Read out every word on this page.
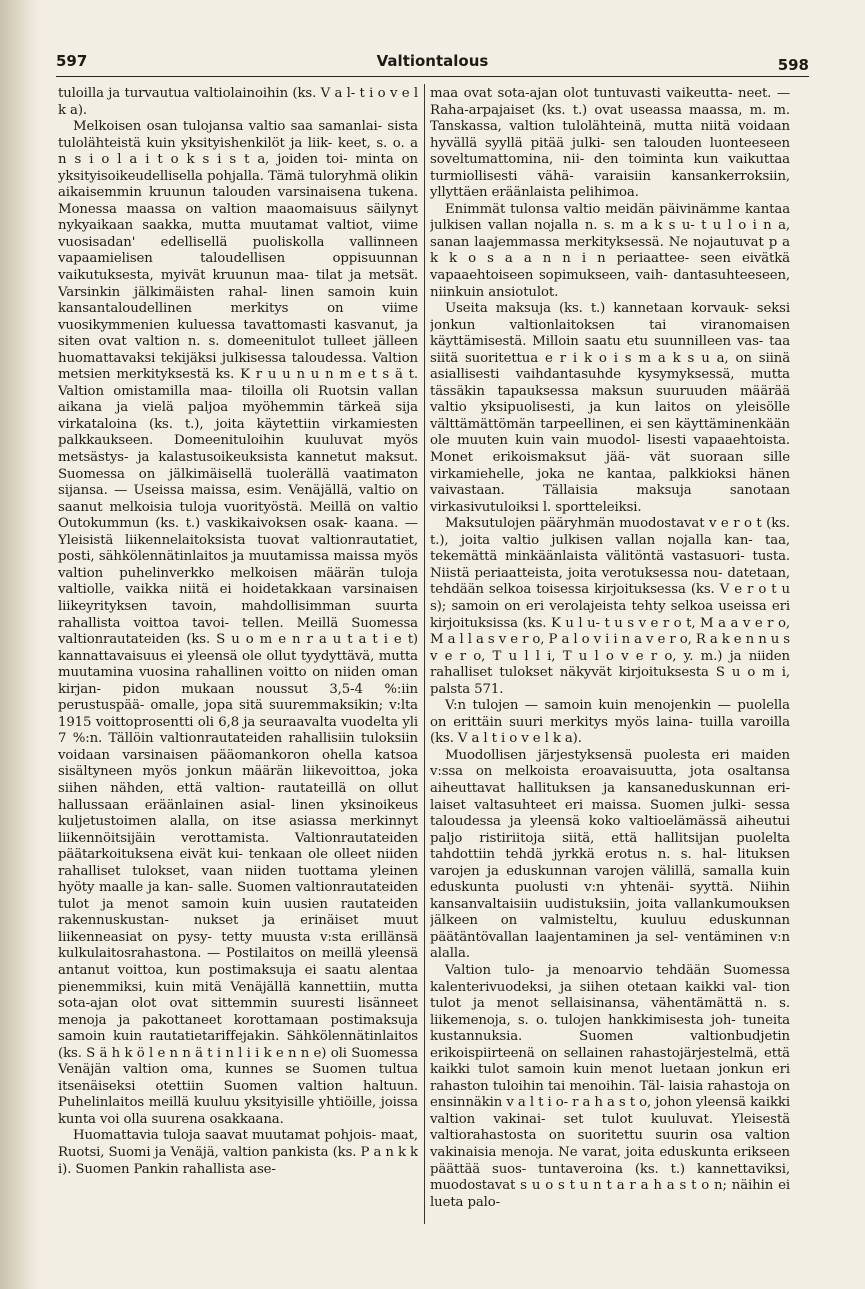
597	Valtiontalous	598

tuloilla ja turvautua valtiolainoihin (ks. V a l- t i o v e l k a).

Melkoisen osan tulojansa valtio saa samanlai- sista tulolähteistä kuin yksityishenkilöt ja liik- keet, s. o. a n s i o l a i t o k s i s t a, joiden toi- minta on yksityisoikeudellisella pohjalla. Tämä tuloryhmä olikin aikaisemmin kruunun talouden varsinaisena tukena. Monessa maassa on valtion maaomaisuus säilynyt nykyaikaan saakka, mutta muutamat valtiot, viime vuosisadan' edellisellä puoliskolla vallinneen vapaamielisen taloudellisen oppisuunnan vaikutuksesta, myivät kruunun maa- tilat ja metsät. Varsinkin jälkimäisten rahal- linen samoin kuin kansantaloudellinen merkitys on viime vuosikymmenien kuluessa tavattomasti kasvanut, ja siten ovat valtion n. s. domeenitulot tulleet jälleen huomattavaksi tekijäksi julkisessa taloudessa. Valtion metsien merkityksestä ks. K r u u n u n m e t s ä t. Valtion omistamilla maa- tiloilla oli Ruotsin vallan aikana ja vielä paljoa myöhemmin tärkeä sija virkataloina (ks. t.), joita käytettiin virkamiesten palkkaukseen. Domeenituloihin kuuluvat myös metsästys- ja kalastusoikeuksista kannetut maksut. Suomessa on jälkimäisellä tuolerällä vaatimaton sijansa. — Useissa maissa, esim. Venäjällä, valtio on saanut melkoisia tuloja vuorityöstä. Meillä on valtio Outokummun (ks. t.) vaskikaivoksen osak- kaana. — Yleisistä liikennelaitoksista tuovat valtionrautatiet, posti, sähkölennätinlaitos ja muutamissa maissa myös valtion puhelinverkko melkoisen määrän tuloja valtiolle, vaikka niitä ei hoidetakkaan varsinaisen liikeyrityksen tavoin, mahdollisimman suurta rahallista voittoa tavoi- tellen. Meillä Suomessa valtionrautateiden (ks. S u o m e n r a u t a t i e t) kannattavaisuus ei yleensä ole ollut tyydyttävä, mutta muutamina vuosina rahallinen voitto on niiden oman kirjan- pidon mukaan noussut 3,5-4 %:iin perustuspää- omalle, jopa sitä suuremmaksikin; v:lta 1915 voittoprosentti oli 6,8 ja seuraavalta vuodelta yli 7 %:n. Tällöin valtionrautateiden rahallisiin tuloksiin voidaan varsinaisen pääomankoron ohella katsoa sisältyneen myös jonkun määrän liikevoittoa, joka siihen nähden, että valtion- rautateillä on ollut hallussaan eräänlainen asial- linen yksinoikeus kuljetustoimen alalla, on itse asiassa merkinnyt liikennöitsijäin verottamista. Valtionrautateiden päätarkoituksena eivät kui- tenkaan ole olleet niiden rahalliset tulokset, vaan niiden tuottama yleinen hyöty maalle ja kan- salle. Suomen valtionrautateiden tulot ja menot samoin kuin uusien rautateiden rakennuskustan- nukset ja erinäiset muut liikenneasiat on pysy- tetty muusta v:sta erillänsä kulkulaitosrahastona. — Postilaitos on meillä yleensä antanut voittoa, kun postimaksuja ei saatu alentaa pienemmiksi, kuin mitä Venäjällä kannettiin, mutta sota-ajan olot ovat sittemmin suuresti lisänneet menoja ja pakottaneet korottamaan postimaksuja samoin kuin rautatietariffejakin. Sähkölennätinlaitos (ks. S ä h k ö l e n n ä t i n l i i k e n n e) oli Suomessa Venäjän valtion oma, kunnes se Suomen tultua itsenäiseksi otettiin Suomen valtion haltuun. Puhelinlaitos meillä kuuluu yksityisille yhtiöille, joissa kunta voi olla suurena osakkaana.

Huomattavia tuloja saavat muutamat pohjois- maat, Ruotsi, Suomi ja Venäjä, valtion pankista (ks. P a n k k i). Suomen Pankin rahallista ase-

maa ovat sota-ajan olot tuntuvasti vaikeutta- neet. — Raha-arpajaiset (ks. t.) ovat useassa maassa, m. m. Tanskassa, valtion tulolähteinä, mutta niitä voidaan hyvällä syyllä pitää julki- sen talouden luonteeseen soveltumattomina, nii- den toiminta kun vaikuttaa turmiollisesti vähä- varaisiin kansankerroksiin, yllyttäen eräänlaista pelihimoa.

Enimmät tulonsa valtio meidän päivinämme kantaa julkisen vallan nojalla n. s. m a k s u- t u l o i n a, sanan laajemmassa merkityksessä. Ne nojautuvat p a k k o s a a n n i n periaattee- seen eivätkä vapaaehtoiseen sopimukseen, vaih- dantasuhteeseen, niinkuin ansiotulot.

Useita maksuja (ks. t.) kannetaan korvauk- seksi jonkun valtionlaitoksen tai viranomaisen käyttämisestä. Milloin saatu etu suunnilleen vas- taa siitä suoritettua e r i k o i s m a k s u a, on siinä asiallisesti vaihdantasuhde kysymyksessä, mutta tässäkin tapauksessa maksun suuruuden määrää valtio yksipuolisesti, ja kun laitos on yleisölle välttämättömän tarpeellinen, ei sen käyttäminenkään ole muuten kuin vain muodol- lisesti vapaaehtoista. Monet erikoismaksut jää- vät suoraan sille virkamiehelle, joka ne kantaa, palkkioksi hänen vaivastaan. Tällaisia maksuja sanotaan virkasivutuloiksi l. sportteleiksi.

Maksutulojen pääryhmän muodostavat v e r o t (ks. t.), joita valtio julkisen vallan nojalla kan- taa, tekemättä minkäänlaista välitöntä vastasuori- tusta. Niistä periaatteista, joita verotuksessa nou- datetaan, tehdään selkoa toisessa kirjoituksessa (ks. V e r o t u s); samoin on eri verolajeista tehty selkoa useissa eri kirjoituksissa (ks. K u l u- t u s v e r o t, M a a v e r o, M a l l a s v e r o, P a l o v i i n a v e r o, R a k e n n u s v e r o, T u l l i, T u l o v e r o, y. m.) ja niiden rahalliset tulokset näkyvät kirjoituksesta S u o m i, palsta 571.

V:n tulojen — samoin kuin menojenkin — puolella on erittäin suuri merkitys myös laina- tuilla varoilla (ks. V a l t i o v e l k a).

Muodollisen järjestyksensä puolesta eri maiden v:ssa on melkoista eroavaisuutta, jota osaltansa aiheuttavat hallituksen ja kansaneduskunnan eri- laiset valtasuhteet eri maissa. Suomen julki- sessa taloudessa ja yleensä koko valtioelämässä aiheutui paljo ristiriitoja siitä, että hallitsijan puolelta tahdottiin tehdä jyrkkä erotus n. s. hal- lituksen varojen ja eduskunnan varojen välillä, samalla kuin eduskunta puolusti v:n yhtenäi- syyttä. Niihin kansanvaltaisiin uudistuksiin, joita vallankumouksen jälkeen on valmisteltu, kuuluu eduskunnan päätäntövallan laajentaminen ja sel- ventäminen v:n alalla.

Valtion tulo- ja menoarvio tehdään Suomessa kalenterivuodeksi, ja siihen otetaan kaikki val- tion tulot ja menot sellaisinansa, vähentämättä n. s. liikemenoja, s. o. tulojen hankkimisesta joh- tuneita kustannuksia. Suomen valtionbudjetin erikoispiirteenä on sellainen rahastojärjestelmä, että kaikki tulot samoin kuin menot luetaan jonkun eri rahaston tuloihin tai menoihin. Täl- laisia rahastoja on ensinnäkin v a l t i o- r a h a s t o, johon yleensä kaikki valtion vakinai- set tulot kuuluvat. Yleisestä valtiorahastosta on suoritettu suurin osa valtion vakinaisia menoja. Ne varat, joita eduskunta erikseen päättää suos- tuntaveroina (ks. t.) kannettaviksi, muodostavat s u o s t u n t a r a h a s t o n; näihin ei lueta palo-
